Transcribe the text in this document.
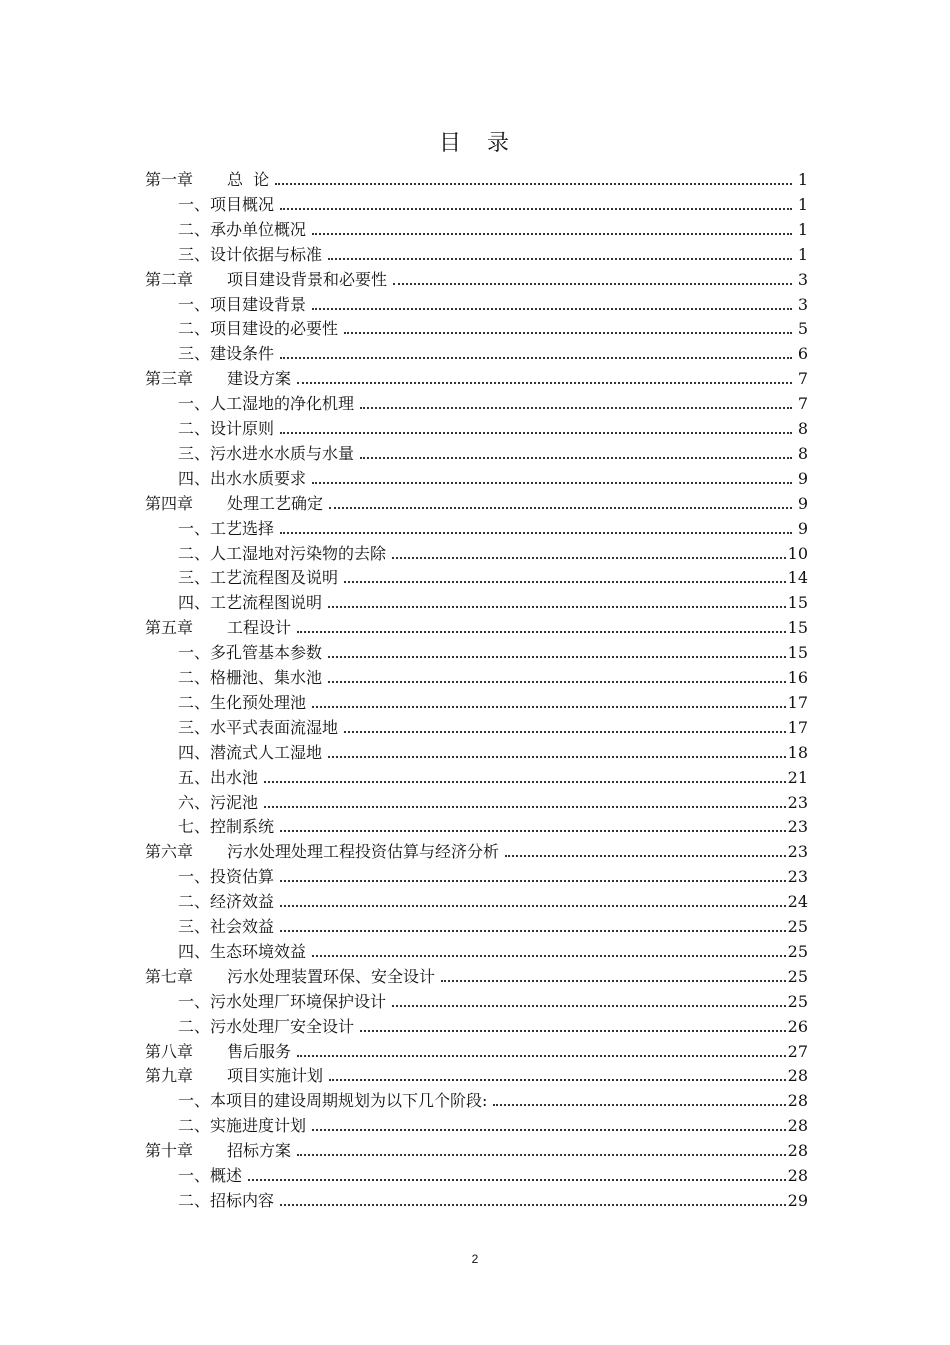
目　录
第一章 总  论	1
一、项目概况	1
二、承办单位概况	1
三、设计依据与标准	1
第二章 项目建设背景和必要性	3
一、项目建设背景	3
二、项目建设的必要性	5
三、建设条件	6
第三章 建设方案	7
一、人工湿地的净化机理	7
二、设计原则	8
三、污水进水水质与水量	8
四、出水水质要求	9
第四章 处理工艺确定	9
一、工艺选择	9
二、人工湿地对污染物的去除	10
三、工艺流程图及说明	14
四、工艺流程图说明	15
第五章 工程设计	15
一、多孔管基本参数	15
二、格栅池、集水池	16
二、生化预处理池	17
三、水平式表面流湿地	17
四、潜流式人工湿地	18
五、出水池	21
六、污泥池	23
七、控制系统	23
第六章 污水处理处理工程投资估算与经济分析	23
一、投资估算	23
二、经济效益	24
三、社会效益	25
四、生态环境效益	25
第七章 污水处理装置环保、安全设计	25
一、污水处理厂环境保护设计	25
二、污水处理厂安全设计	26
第八章 售后服务	27
第九章 项目实施计划	28
一、本项目的建设周期规划为以下几个阶段:	28
二、实施进度计划	28
第十章 招标方案	28
一、概述	28
二、招标内容	29
2
